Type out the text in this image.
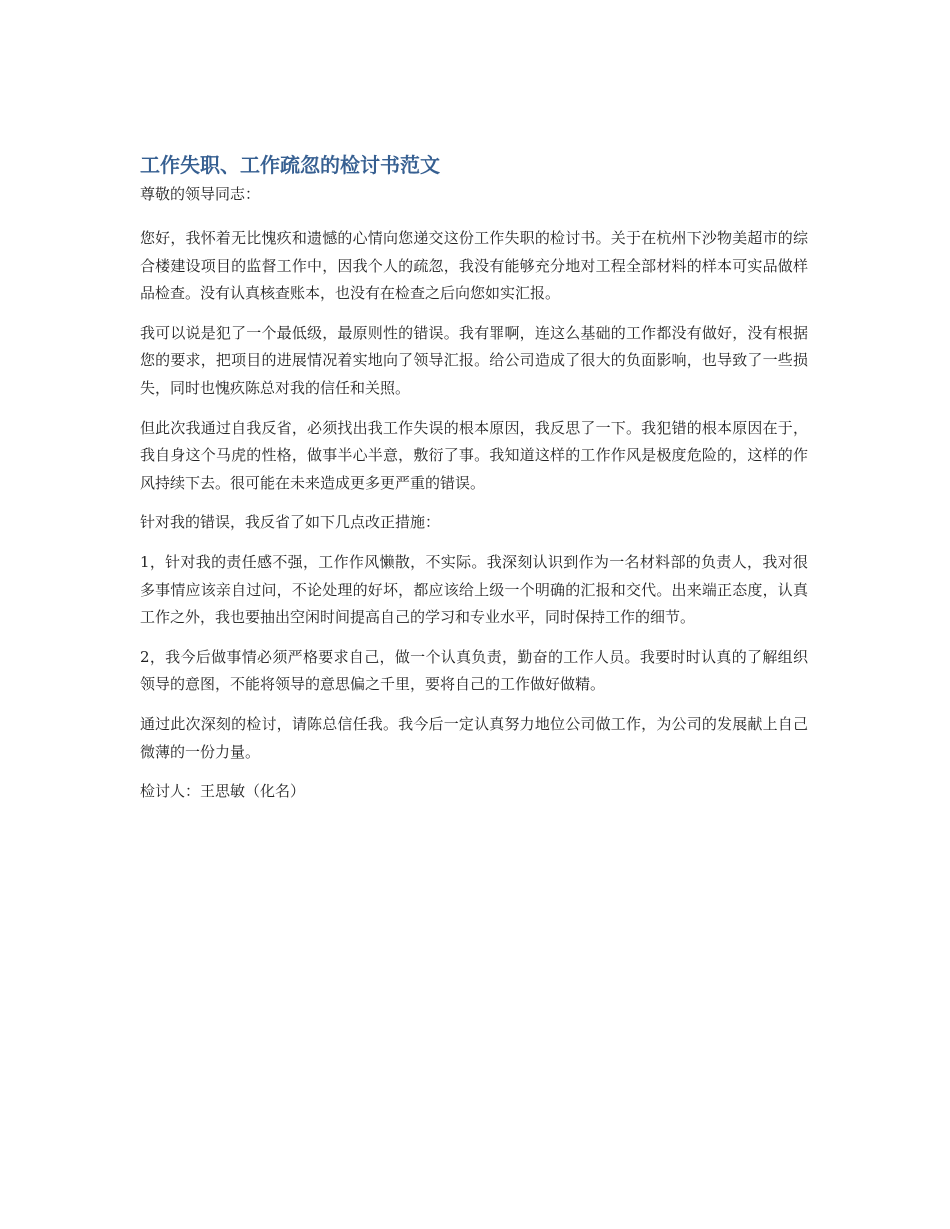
工作失职、工作疏忽的检讨书范文

尊敬的领导同志：

您好，我怀着无比愧疚和遗憾的心情向您递交这份工作失职的检讨书。关于在杭州下沙物美超市的综合楼建设项目的监督工作中，因我个人的疏忽，我没有能够充分地对工程全部材料的样本可实品做样品检查。没有认真核查账本，也没有在检查之后向您如实汇报。

我可以说是犯了一个最低级，最原则性的错误。我有罪啊，连这么基础的工作都没有做好，没有根据您的要求，把项目的进展情况着实地向了领导汇报。给公司造成了很大的负面影响，也导致了一些损失，同时也愧疚陈总对我的信任和关照。

但此次我通过自我反省，必须找出我工作失误的根本原因，我反思了一下。我犯错的根本原因在于，我自身这个马虎的性格，做事半心半意，敷衍了事。我知道这样的工作作风是极度危险的，这样的作风持续下去。很可能在未来造成更多更严重的错误。

针对我的错误，我反省了如下几点改正措施：

1，针对我的责任感不强，工作作风懒散，不实际。我深刻认识到作为一名材料部的负责人，我对很多事情应该亲自过问，不论处理的好坏，都应该给上级一个明确的汇报和交代。出来端正态度，认真工作之外，我也要抽出空闲时间提高自己的学习和专业水平，同时保持工作的细节。

2，我今后做事情必须严格要求自己，做一个认真负责，勤奋的工作人员。我要时时认真的了解组织领导的意图，不能将领导的意思偏之千里，要将自己的工作做好做精。

通过此次深刻的检讨，请陈总信任我。我今后一定认真努力地位公司做工作，为公司的发展献上自己微薄的一份力量。

检讨人：王思敏（化名）
